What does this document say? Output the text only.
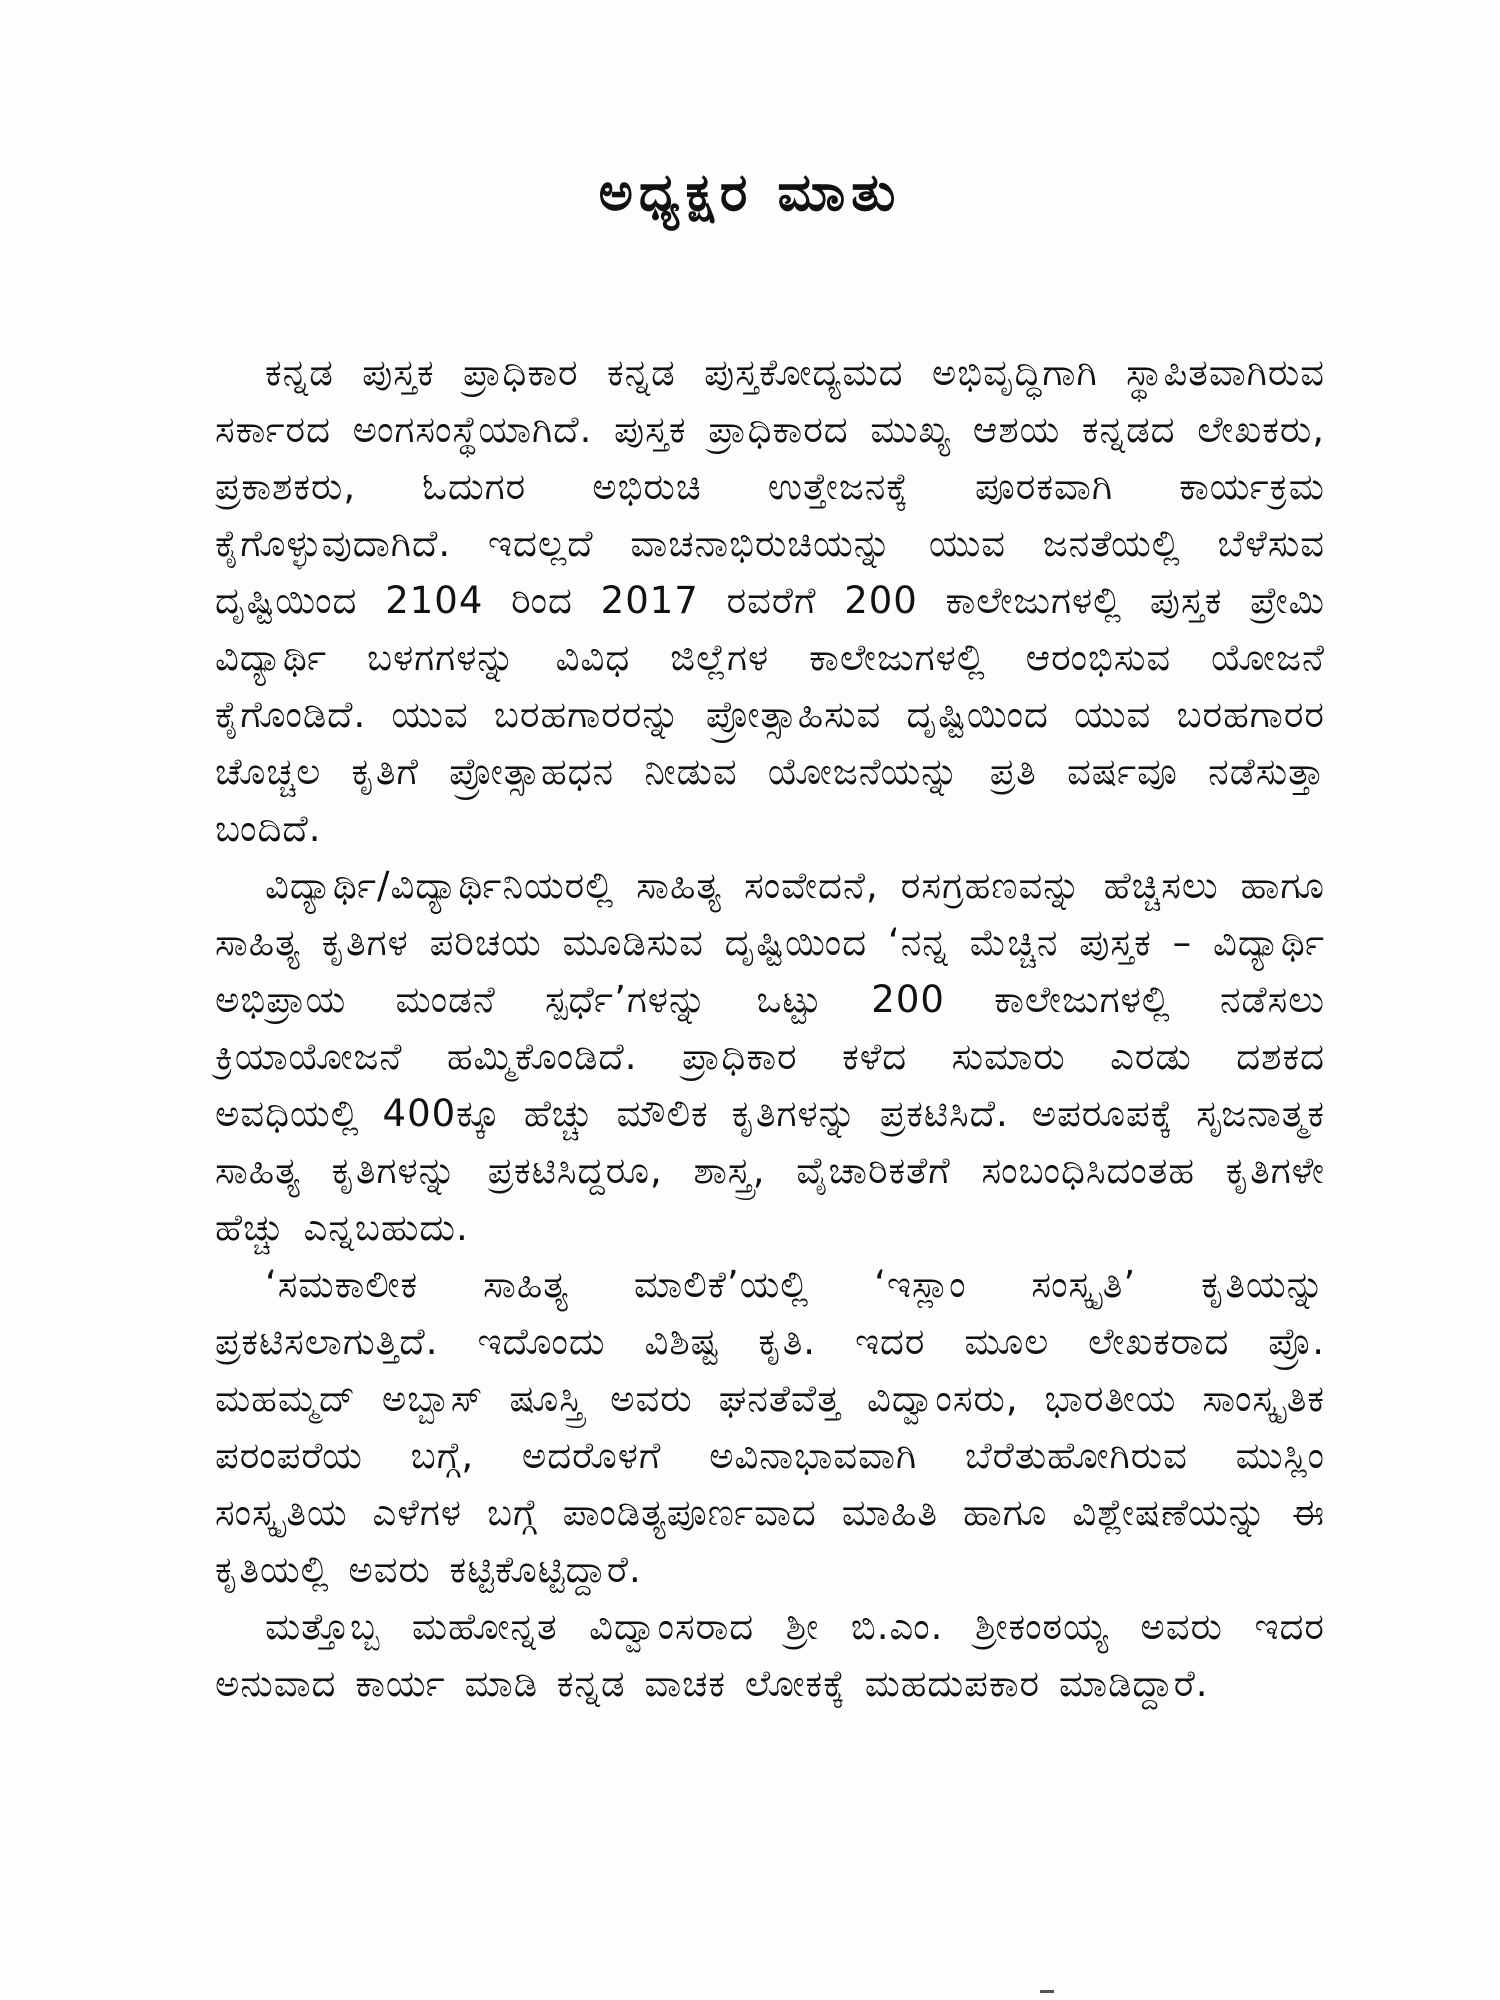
ಅಧ್ಯಕ್ಷರ ಮಾತು

ಕನ್ನಡ ಪುಸ್ತಕ ಪ್ರಾಧಿಕಾರ ಕನ್ನಡ ಪುಸ್ತಕೋದ್ಯಮದ ಅಭಿವೃದ್ಧಿಗಾಗಿ ಸ್ಥಾಪಿತವಾಗಿರುವ ಸರ್ಕಾರದ ಅಂಗಸಂಸ್ಥೆಯಾಗಿದೆ. ಪುಸ್ತಕ ಪ್ರಾಧಿಕಾರದ ಮುಖ್ಯ ಆಶಯ ಕನ್ನಡದ ಲೇಖಕರು, ಪ್ರಕಾಶಕರು, ಓದುಗರ ಅಭಿರುಚಿ ಉತ್ತೇಜನಕ್ಕೆ ಪೂರಕವಾಗಿ ಕಾರ್ಯಕ್ರಮ ಕೈಗೊಳ್ಳುವುದಾಗಿದೆ. ಇದಲ್ಲದೆ ವಾಚನಾಭಿರುಚಿಯನ್ನು ಯುವ ಜನತೆಯಲ್ಲಿ ಬೆಳೆಸುವ ದೃಷ್ಟಿಯಿಂದ 2104 ರಿಂದ 2017 ರವರೆಗೆ 200 ಕಾಲೇಜುಗಳಲ್ಲಿ ಪುಸ್ತಕ ಪ್ರೇಮಿ ವಿದ್ಯಾರ್ಥಿ ಬಳಗಗಳನ್ನು ವಿವಿಧ ಜಿಲ್ಲೆಗಳ ಕಾಲೇಜುಗಳಲ್ಲಿ ಆರಂಭಿಸುವ ಯೋಜನೆ ಕೈಗೊಂಡಿದೆ. ಯುವ ಬರಹಗಾರರನ್ನು ಪ್ರೋತ್ಸಾಹಿಸುವ ದೃಷ್ಟಿಯಿಂದ ಯುವ ಬರಹಗಾರರ ಚೊಚ್ಚಲ ಕೃತಿಗೆ ಪ್ರೋತ್ಸಾಹಧನ ನೀಡುವ ಯೋಜನೆಯನ್ನು ಪ್ರತಿ ವರ್ಷವೂ ನಡೆಸುತ್ತಾ ಬಂದಿದೆ.

ವಿದ್ಯಾರ್ಥಿ/ವಿದ್ಯಾರ್ಥಿನಿಯರಲ್ಲಿ ಸಾಹಿತ್ಯ ಸಂವೇದನೆ, ರಸಗ್ರಹಣವನ್ನು ಹೆಚ್ಚಿಸಲು ಹಾಗೂ ಸಾಹಿತ್ಯ ಕೃತಿಗಳ ಪರಿಚಯ ಮೂಡಿಸುವ ದೃಷ್ಟಿಯಿಂದ ‘ನನ್ನ ಮೆಚ್ಚಿನ ಪುಸ್ತಕ – ವಿದ್ಯಾರ್ಥಿ ಅಭಿಪ್ರಾಯ ಮಂಡನೆ ಸ್ಪರ್ಧೆ’ಗಳನ್ನು ಒಟ್ಟು 200 ಕಾಲೇಜುಗಳಲ್ಲಿ ನಡೆಸಲು ಕ್ರಿಯಾಯೋಜನೆ ಹಮ್ಮಿಕೊಂಡಿದೆ. ಪ್ರಾಧಿಕಾರ ಕಳೆದ ಸುಮಾರು ಎರಡು ದಶಕದ ಅವಧಿಯಲ್ಲಿ 400ಕ್ಕೂ ಹೆಚ್ಚು ಮೌಲಿಕ ಕೃತಿಗಳನ್ನು ಪ್ರಕಟಿಸಿದೆ. ಅಪರೂಪಕ್ಕೆ ಸೃಜನಾತ್ಮಕ ಸಾಹಿತ್ಯ ಕೃತಿಗಳನ್ನು ಪ್ರಕಟಿಸಿದ್ದರೂ, ಶಾಸ್ತ್ರ, ವೈಚಾರಿಕತೆಗೆ ಸಂಬಂಧಿಸಿದಂತಹ ಕೃತಿಗಳೇ ಹೆಚ್ಚು ಎನ್ನಬಹುದು.

‘ಸಮಕಾಲೀಕ ಸಾಹಿತ್ಯ ಮಾಲಿಕೆ’ಯಲ್ಲಿ ‘ಇಸ್ಲಾಂ ಸಂಸ್ಕೃತಿ’ ಕೃತಿಯನ್ನು ಪ್ರಕಟಿಸಲಾಗುತ್ತಿದೆ. ಇದೊಂದು ವಿಶಿಷ್ಟ ಕೃತಿ. ಇದರ ಮೂಲ ಲೇಖಕರಾದ ಪ್ರೊ. ಮಹಮ್ಮದ್ ಅಬ್ಬಾಸ್ ಷೂಸ್ತ್ರಿ ಅವರು ಘನತೆವೆತ್ತ ವಿದ್ವಾಂಸರು, ಭಾರತೀಯ ಸಾಂಸ್ಕೃತಿಕ ಪರಂಪರೆಯ ಬಗ್ಗೆ, ಅದರೊಳಗೆ ಅವಿನಾಭಾವವಾಗಿ ಬೆರೆತುಹೋಗಿರುವ ಮುಸ್ಲಿಂ ಸಂಸ್ಕೃತಿಯ ಎಳೆಗಳ ಬಗ್ಗೆ ಪಾಂಡಿತ್ಯಪೂರ್ಣವಾದ ಮಾಹಿತಿ ಹಾಗೂ ವಿಶ್ಲೇಷಣೆಯನ್ನು ಈ ಕೃತಿಯಲ್ಲಿ ಅವರು ಕಟ್ಟಿಕೊಟ್ಟಿದ್ದಾರೆ.

ಮತ್ತೊಬ್ಬ ಮಹೋನ್ನತ ವಿದ್ವಾಂಸರಾದ ಶ್ರೀ ಬಿ.ಎಂ. ಶ್ರೀಕಂಠಯ್ಯ ಅವರು ಇದರ ಅನುವಾದ ಕಾರ್ಯ ಮಾಡಿ ಕನ್ನಡ ವಾಚಕ ಲೋಕಕ್ಕೆ ಮಹದುಪಕಾರ ಮಾಡಿದ್ದಾರೆ.
